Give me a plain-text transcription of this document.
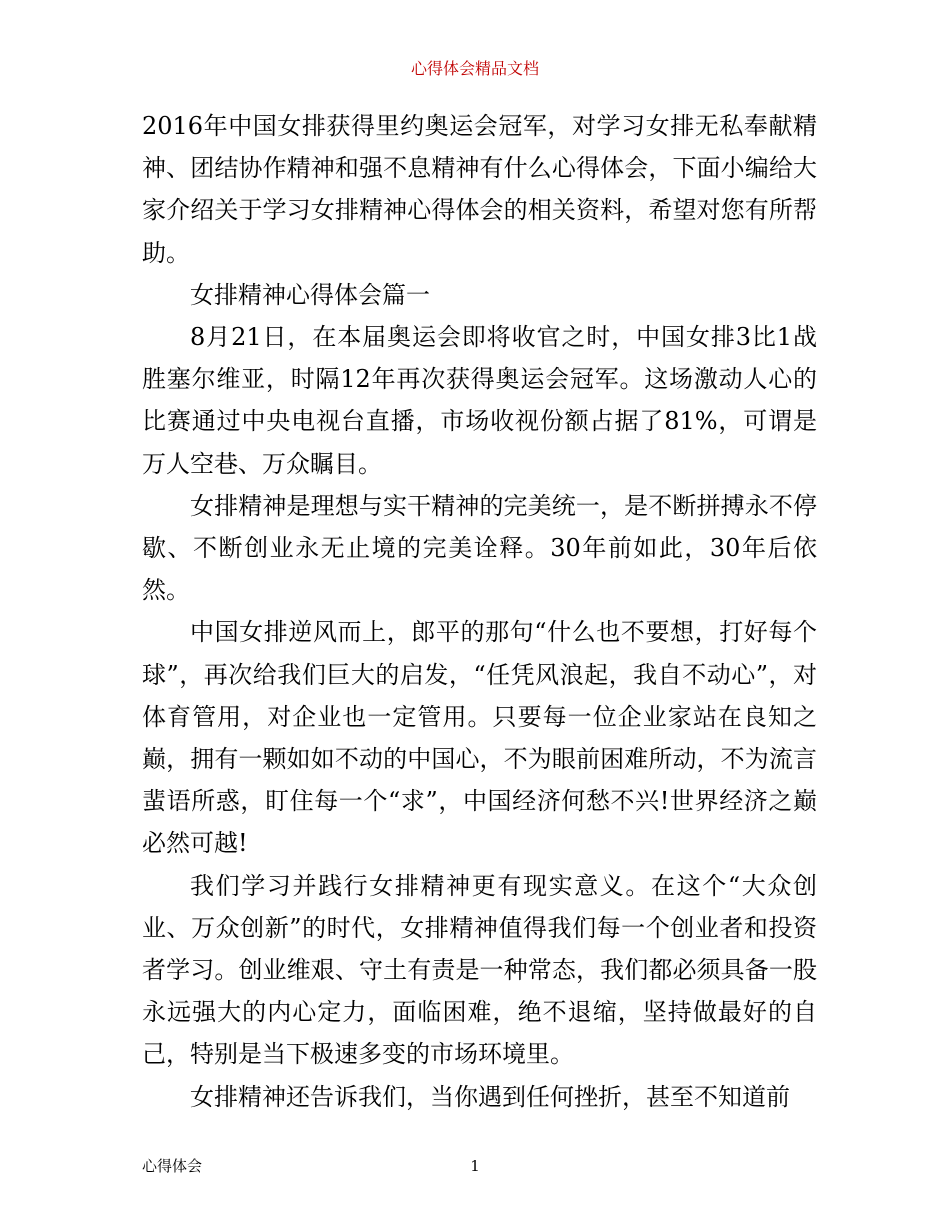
心得体会精品文档

2016年中国女排获得里约奥运会冠军，对学习女排无私奉献精神、团结协作精神和强不息精神有什么心得体会，下面小编给大家介绍关于学习女排精神心得体会的相关资料，希望对您有所帮助。

女排精神心得体会篇一

8月21日，在本届奥运会即将收官之时，中国女排3比1战胜塞尔维亚，时隔12年再次获得奥运会冠军。这场激动人心的比赛通过中央电视台直播，市场收视份额占据了81%，可谓是万人空巷、万众瞩目。

女排精神是理想与实干精神的完美统一，是不断拼搏永不停歇、不断创业永无止境的完美诠释。30年前如此，30年后依然。

中国女排逆风而上，郎平的那句“什么也不要想，打好每个球”，再次给我们巨大的启发，“任凭风浪起，我自不动心”，对体育管用，对企业也一定管用。只要每一位企业家站在良知之巅，拥有一颗如如不动的中国心，不为眼前困难所动，不为流言蜚语所惑，盯住每一个“求”，中国经济何愁不兴!世界经济之巅必然可越!

我们学习并践行女排精神更有现实意义。在这个“大众创业、万众创新”的时代，女排精神值得我们每一个创业者和投资者学习。创业维艰、守土有责是一种常态，我们都必须具备一股永远强大的内心定力，面临困难，绝不退缩，坚持做最好的自己，特别是当下极速多变的市场环境里。

女排精神还告诉我们，当你遇到任何挫折，甚至不知道前

心得体会	1
